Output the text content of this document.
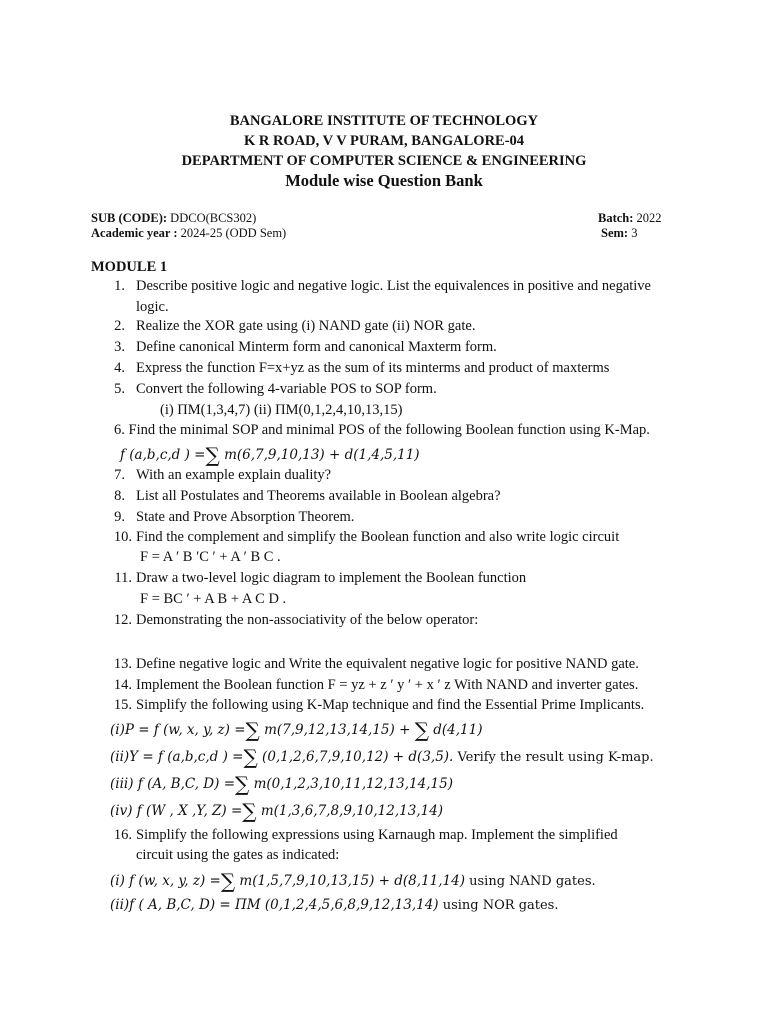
BANGALORE INSTITUTE OF TECHNOLOGY
K R ROAD, V V PURAM, BANGALORE-04
DEPARTMENT OF COMPUTER SCIENCE & ENGINEERING
Module wise Question Bank
SUB (CODE): DDCO(BCS302)
Academic year : 2024-25 (ODD Sem)
Batch: 2022
Sem: 3
MODULE 1
1. Describe positive logic and negative logic. List the equivalences in positive and negative
logic.
2. Realize the XOR gate using (i) NAND gate (ii) NOR gate.
3. Define canonical Minterm form and canonical Maxterm form.
4. Express the function F=x+yz as the sum of its minterms and product of maxterms
5. Convert the following 4-variable POS to SOP form.
(i) ΠM(1,3,4,7) (ii) ΠM(0,1,2,4,10,13,15)
6. Find the minimal SOP and minimal POS of the following Boolean function using K-Map.
f (a,b,c,d ) =∑ m(6,7,9,10,13) + d(1,4,5,11)
7. With an example explain duality?
8. List all Postulates and Theorems available in Boolean algebra?
9. State and Prove Absorption Theorem.
10. Find the complement and simplify the Boolean function and also write logic circuit
F = A ′ B ′C ′ + A ′ B C .
11. Draw a two-level logic diagram to implement the Boolean function
F = BC ′ + A B + A C D .
12. Demonstrating the non-associativity of the below operator:
13. Define negative logic and Write the equivalent negative logic for positive NAND gate.
14. Implement the Boolean function F = yz + z ′ y ′ + x ′ z With NAND and inverter gates.
15. Simplify the following using K-Map technique and find the Essential Prime Implicants.
(i)P = f (w, x, y, z) =∑ m(7,9,12,13,14,15) + ∑ d(4,11)
(ii)Y = f (a,b,c,d ) =∑ (0,1,2,6,7,9,10,12) + d(3,5). Verify the result using K-map.
(iii) f (A, B,C, D) =∑ m(0,1,2,3,10,11,12,13,14,15)
(iv) f (W , X ,Y, Z) =∑ m(1,3,6,7,8,9,10,12,13,14)
16. Simplify the following expressions using Karnaugh map. Implement the simplified
circuit using the gates as indicated:
(i) f (w, x, y, z) =∑ m(1,5,7,9,10,13,15) + d(8,11,14) using NAND gates.
(ii)f ( A, B,C, D) = ΠM (0,1,2,4,5,6,8,9,12,13,14) using NOR gates.
